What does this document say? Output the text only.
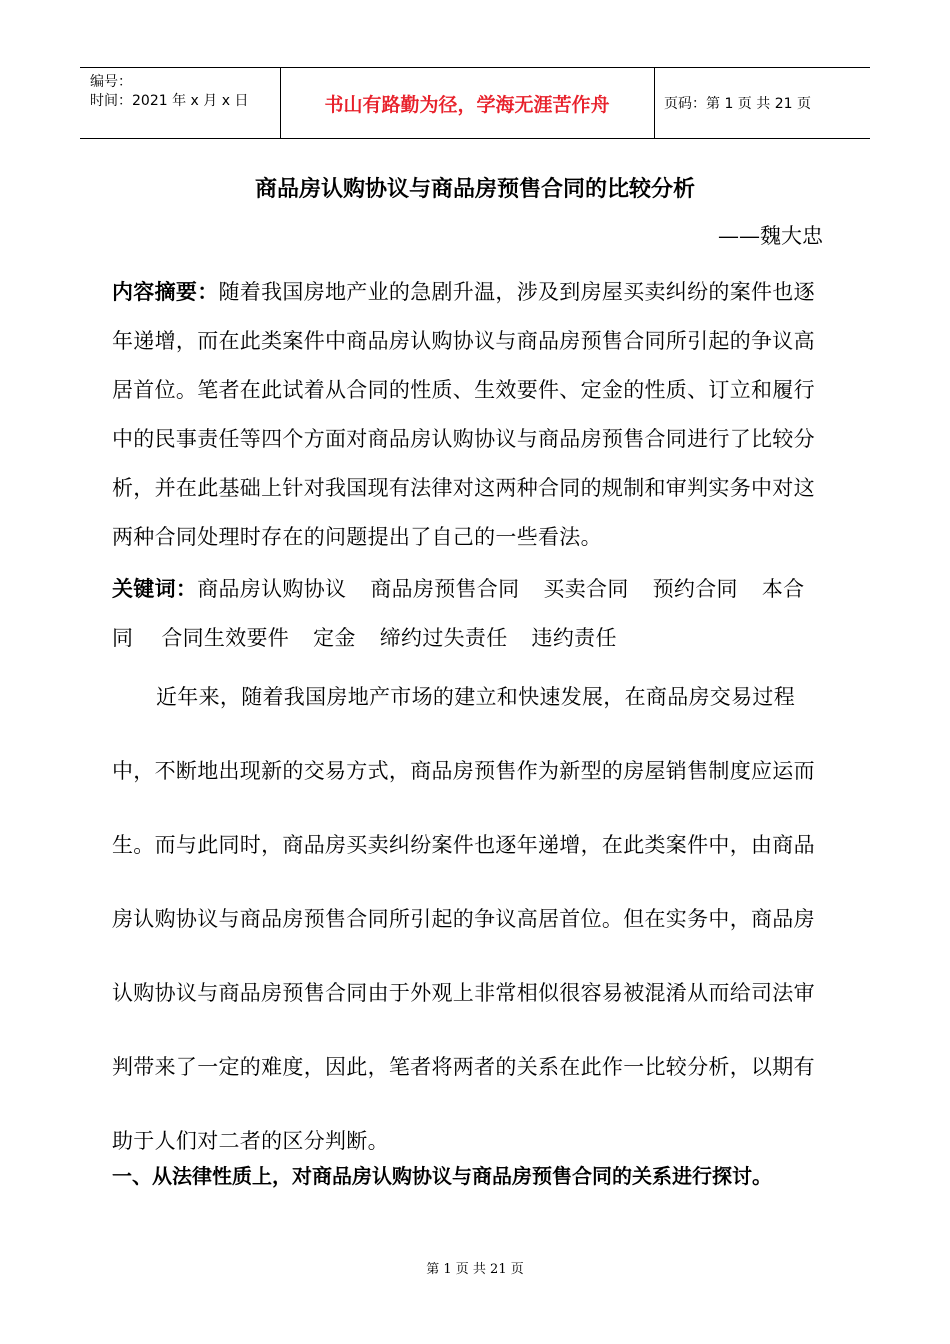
编号：
时间：2021 年 x 月 x 日	书山有路勤为径，学海无涯苦作舟	页码：第 1 页 共 21 页
商品房认购协议与商品房预售合同的比较分析
——魏大忠
内容摘要：随着我国房地产业的急剧升温，涉及到房屋买卖纠纷的案件也逐年递增，而在此类案件中商品房认购协议与商品房预售合同所引起的争议高居首位。笔者在此试着从合同的性质、生效要件、定金的性质、订立和履行中的民事责任等四个方面对商品房认购协议与商品房预售合同进行了比较分析，并在此基础上针对我国现有法律对这两种合同的规制和审判实务中对这两种合同处理时存在的问题提出了自己的一些看法。
关键词：商品房认购协议 商品房预售合同 买卖合同 预约合同 本合同 合同生效要件 定金 缔约过失责任 违约责任
近年来，随着我国房地产市场的建立和快速发展，在商品房交易过程中，不断地出现新的交易方式，商品房预售作为新型的房屋销售制度应运而生。而与此同时，商品房买卖纠纷案件也逐年递增，在此类案件中，由商品房认购协议与商品房预售合同所引起的争议高居首位。但在实务中，商品房认购协议与商品房预售合同由于外观上非常相似很容易被混淆从而给司法审判带来了一定的难度，因此，笔者将两者的关系在此作一比较分析，以期有助于人们对二者的区分判断。
一、从法律性质上，对商品房认购协议与商品房预售合同的关系进行探讨。
第 1 页 共 21 页
